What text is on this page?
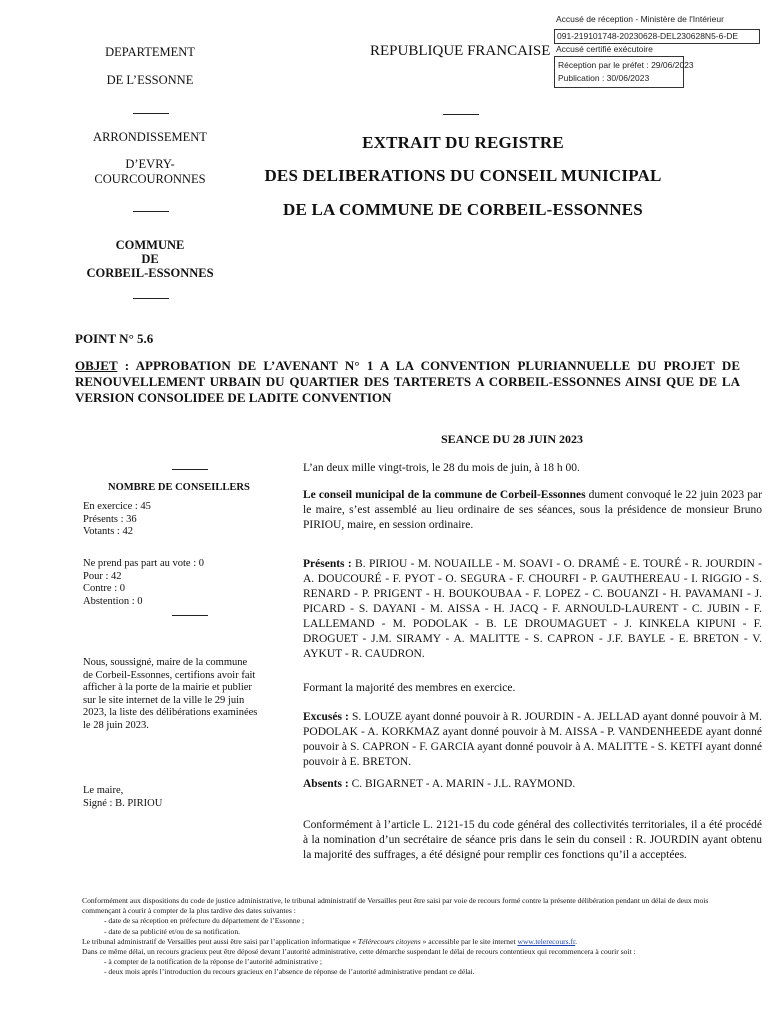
Accusé de réception - Ministère de l'Intérieur
091-219101748-20230628-DEL230628N5-6-DE
Accusé certifié exécutoire
Réception par le préfet : 29/06/2023
Publication : 30/06/2023
DEPARTEMENT
DE L’ESSONNE
ARRONDISSEMENT
D’EVRY-
COURCOURONNES
COMMUNE
DE
CORBEIL-ESSONNES
REPUBLIQUE FRANCAISE
EXTRAIT DU REGISTRE
DES DELIBERATIONS DU CONSEIL MUNICIPAL
DE LA COMMUNE DE CORBEIL-ESSONNES
POINT N° 5.6
OBJET : APPROBATION DE L’AVENANT N° 1 A LA CONVENTION PLURIANNUELLE DU PROJET DE RENOUVELLEMENT URBAIN DU QUARTIER DES TARTERETS A CORBEIL-ESSONNES AINSI QUE DE LA VERSION CONSOLIDEE DE LADITE CONVENTION
SEANCE DU 28 JUIN 2023
NOMBRE DE CONSEILLERS
En exercice : 45
Présents : 36
Votants : 42
Ne prend pas part au vote : 0
Pour : 42
Contre : 0
Abstention : 0
Nous, soussigné, maire de la commune
de Corbeil-Essonnes, certifions avoir fait
afficher à la porte de la mairie et publier
sur le site internet de la ville le 29 juin
2023, la liste des délibérations examinées
le 28 juin 2023.
Le maire,
Signé : B. PIRIOU
L’an deux mille vingt-trois, le 28 du mois de juin, à 18 h 00.
Le conseil municipal de la commune de Corbeil-Essonnes dument convoqué le 22 juin 2023 par le maire, s’est assemblé au lieu ordinaire de ses séances, sous la présidence de monsieur Bruno PIRIOU, maire, en session ordinaire.
Présents : B. PIRIOU - M. NOUAILLE - M. SOAVI - O. DRAMÉ - E. TOURÉ - R. JOURDIN - A. DOUCOURÉ - F. PYOT - O. SEGURA - F. CHOURFI - P. GAUTHEREAU - I. RIGGIO - S. RENARD - P. PRIGENT - H. BOUKOUBAA - F. LOPEZ - C. BOUANZI - H. PAVAMANI - J. PICARD - S. DAYANI - M. AISSA - H. JACQ - F. ARNOULD-LAURENT - C. JUBIN - F. LALLEMAND - M. PODOLAK - B. LE DROUMAGUET - J. KINKELA KIPUNI - F. DROGUET - J.M. SIRAMY - A. MALITTE - S. CAPRON - J.F. BAYLE - E. BRETON - V. AYKUT - R. CAUDRON.
Formant la majorité des membres en exercice.
Excusés : S. LOUZE ayant donné pouvoir à R. JOURDIN - A. JELLAD ayant donné pouvoir à M. PODOLAK - A. KORKMAZ ayant donné pouvoir à M. AISSA - P. VANDENHEEDE ayant donné pouvoir à S. CAPRON - F. GARCIA ayant donné pouvoir à A. MALITTE - S. KETFI ayant donné pouvoir à E. BRETON.
Absents : C. BIGARNET - A. MARIN - J.L. RAYMOND.
Conformément à l’article L. 2121-15 du code général des collectivités territoriales, il a été procédé à la nomination d’un secrétaire de séance pris dans le sein du conseil : R. JOURDIN ayant obtenu la majorité des suffrages, a été désigné pour remplir ces fonctions qu’il a acceptées.
Conformément aux dispositions du code de justice administrative, le tribunal administratif de Versailles peut être saisi par voie de recours formé contre la présente délibération pendant un délai de deux mois commençant à courir à compter de la plus tardive des dates suivantes :
- date de sa réception en préfecture du département de l’Essonne ;
- date de sa publicité et/ou de sa notification.
Le tribunal administratif de Versailles peut aussi être saisi par l’application informatique « Télérecours citoyens » accessible par le site internet www.telerecours.fr.
Dans ce même délai, un recours gracieux peut être déposé devant l’autorité administrative, cette démarche suspendant le délai de recours contentieux qui recommencera à courir soit :
- à compter de la notification de la réponse de l’autorité administrative ;
- deux mois après l’introduction du recours gracieux en l’absence de réponse de l’autorité administrative pendant ce délai.
